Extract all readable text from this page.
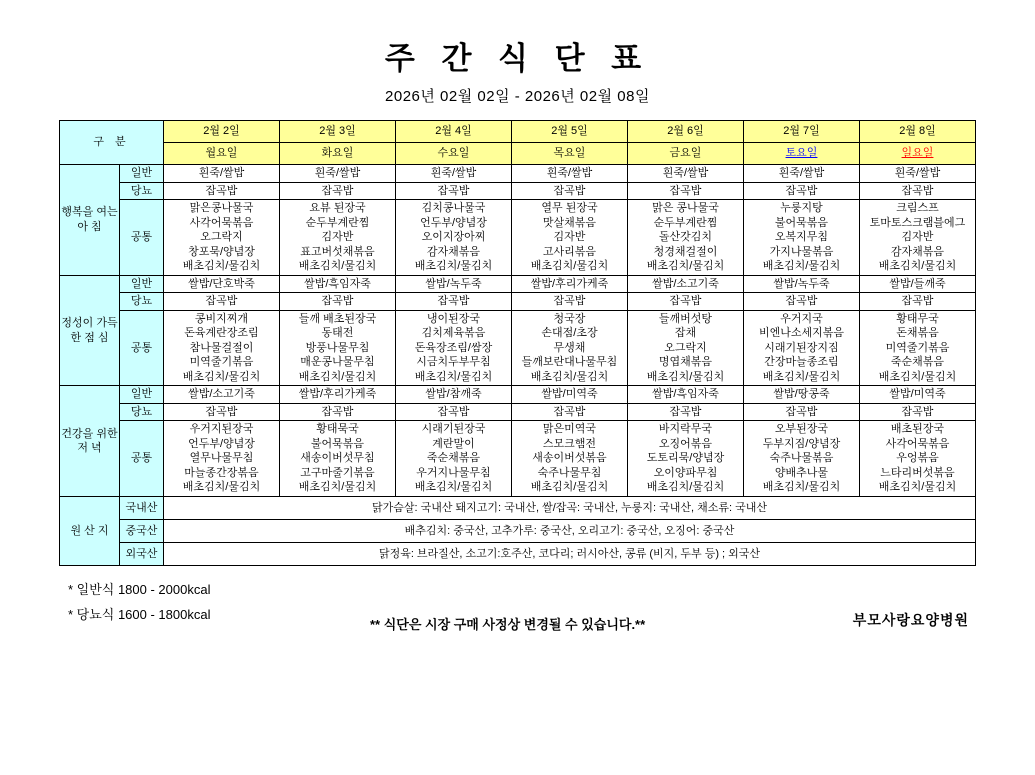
주 간 식 단 표
2026년 02월 02일 - 2026년 02월 08일
구 분		2월 2일	2월 3일	2월 4일	2월 5일	2월 6일	2월 7일	2월 8일
		월요일	화요일	수요일	목요일	금요일	토요일	일요일
행복을 여는 아 침	일반	흰죽/쌀밥	흰죽/쌀밥	흰죽/쌀밥	흰죽/쌀밥	흰죽/쌀밥	흰죽/쌀밥	흰죽/쌀밥
	당뇨	잡곡밥	잡곡밥	잡곡밥	잡곡밥	잡곡밥	잡곡밥	잡곡밥
	공통	맑은콩나물국
사각어묵볶음
오그락지
창포묵/양념장
배초김치/물김치	요뷰 된장국
순두부계란찜
김자반
표고버섯채볶음
배초김치/물김치	김치콩나물국
언두부/양념장
오이지장아찌
감자채볶음
배초김치/물김치	열무 된장국
맛살채볶음
김자반
고사리볶음
배초김치/물김치	맑은 콩나물국
순두부계란찜
돌산갓김치
청경채걸절이
배초김치/물김치	누룽지탕
불어묵볶음
오복지무침
가지나물볶음
배초김치/물김치	크림스프
토마토스크램블에그
김자반
감자채볶음
배초김치/물김치

정성이 가득한 점 심	일반	쌀밥/단호박죽	쌀밥/흑임자죽	쌀밥/녹두죽	쌀밥/후리가케죽	쌀밥/소고기죽	쌀밥/녹두죽	쌀밥/들깨죽
	당뇨	잡곡밥	잡곡밥	잡곡밥	잡곡밥	잡곡밥	잡곡밥	잡곡밥
	공통	콩비지찌개
돈육계란장조림
참나물걸절이
미역줄기볶음
배초김치/물김치	들깨 배초된장국
동태전
방풍나물무침
매운콩나물무침
배초김치/물김치	냉이된장국
김치제육볶음
돈육장조림/쌈장
시금치두부무침
배초김치/물김치	청국장
손대점/초장
무생채
들깨보란대나물무침
배초김치/물김치	들깨버섯탕
잡채
오그락지
명엽채볶음
배초김치/물김치	우거지국
비엔나소세지볶음
시래기된장지짐
간장마늘종조림
배초김치/물김치	황태무국
돈채볶음
미역줄기볶음
죽순채볶음
배초김치/물김치

건강을 위한 저 녁	일반	쌀밥/소고기죽	쌀밥/후리가케죽	쌀밥/참깨죽	쌀밥/미역죽	쌀밥/흑임자죽	쌀밥/땅콩죽	쌀밥/미역죽
	당뇨	잡곡밥	잡곡밥	잡곡밥	잡곡밥	잡곡밥	잡곡밥	잡곡밥
	공통	우거지된장국
언두부/양념장
열무나물무침
마늘종간장볶음
배초김치/물김치	황태묵국
불어묵볶음
새송이버섯무침
고구마줄기볶음
배초김치/물김치	시래기된장국
계란말이
죽순채볶음
우거지나물무침
배초김치/물김치	맑은미역국
스모크햄전
새송이버섯볶음
숙주나물무침
배초김치/물김치	바지락무국
오징어볶음
도토리묵/양념장
오이양파무침
배초김치/물김치	오부된장국
두부지짐/양념장
숙주나물볶음
양배추나물
배초김치/물김치	배초된장국
사각어묵볶음
우엉볶음
느타리버섯볶음
배초김치/물김치

원 산 지	국내산	닭가슴살: 국내산 돼지고기: 국내산, 쌀/잡곡: 국내산, 누룽지: 국내산, 채소류: 국내산						
	중국산	배추김치: 중국산, 고추가루: 중국산, 오리고기: 중국산, 오징어: 중국산						
	외국산	닭정육: 브라질산, 소고기:호주산, 코다리; 러시아산, 콩류 (비지, 두부 등) ; 외국산						
* 일반식 1800 - 2000kcal
* 당뇨식 1600 - 1800kcal
** 식단은 시장 구매 사정상 변경될 수 있습니다.**	부모사랑요양병원
